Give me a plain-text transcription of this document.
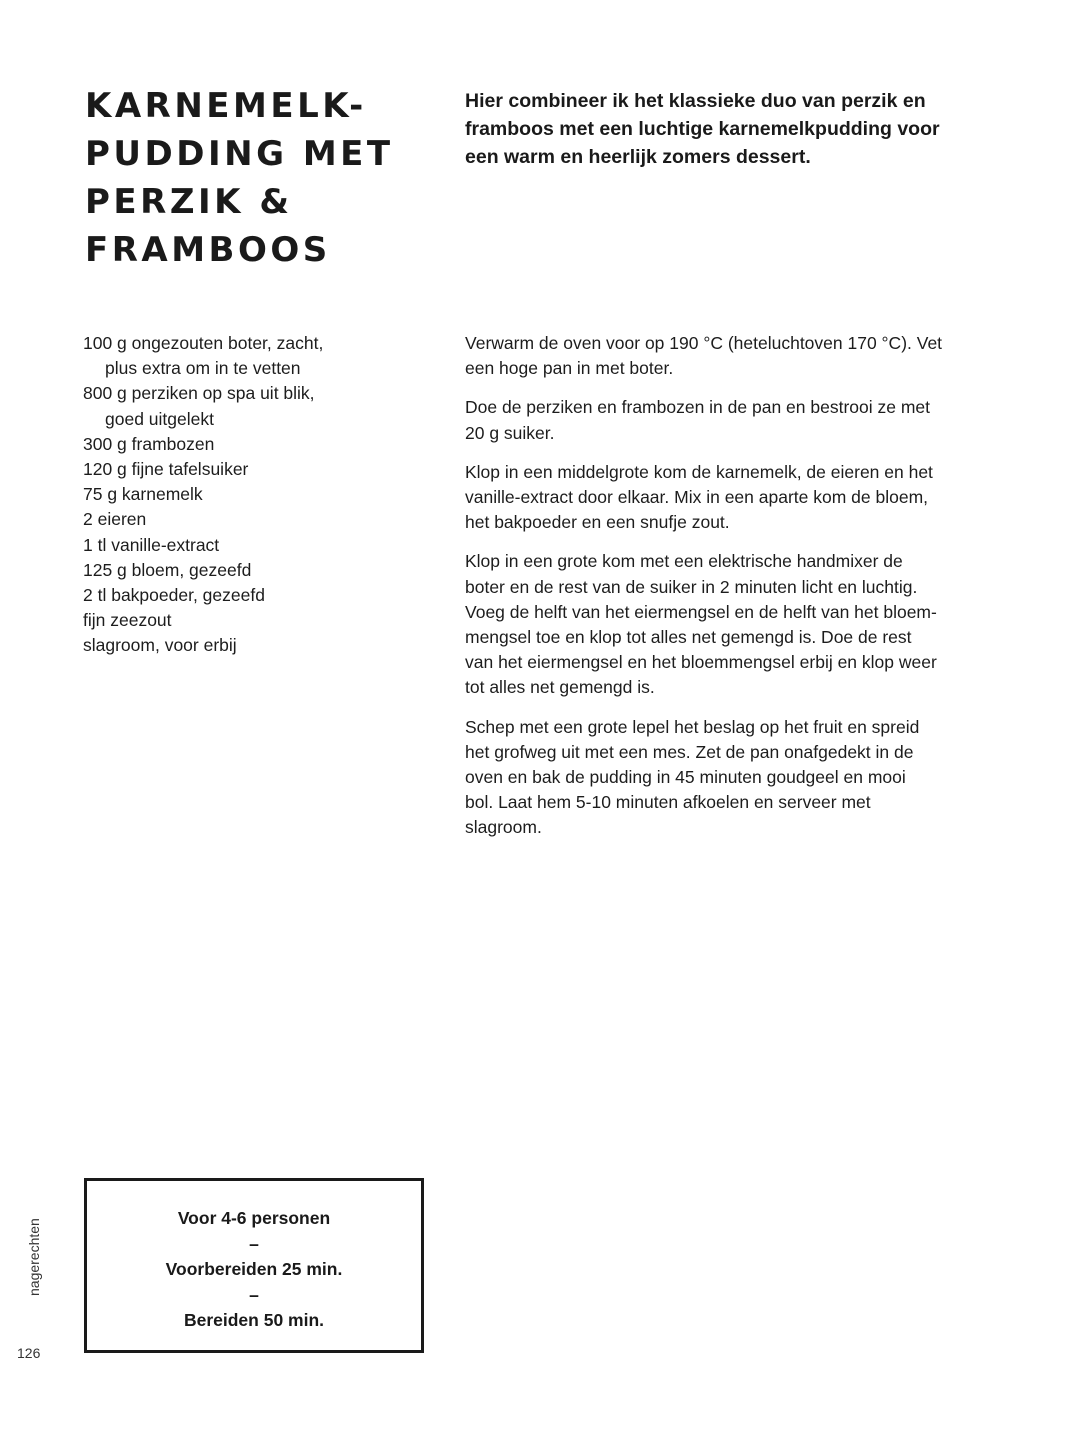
KARNEMELK-
PUDDING MET
PERZIK &
FRAMBOOS

Hier combineer ik het klassieke duo van perzik en
framboos met een luchtige karnemelkpudding voor
een warm en heerlijk zomers dessert.

100 g ongezouten boter, zacht,
plus extra om in te vetten
800 g perziken op spa uit blik,
goed uitgelekt
300 g frambozen
120 g fijne tafelsuiker
75 g karnemelk
2 eieren
1 tl vanille-extract
125 g bloem, gezeefd
2 tl bakpoeder, gezeefd
fijn zeezout
slagroom, voor erbij

Verwarm de oven voor op 190 °C (heteluchtoven 170 °C). Vet
een hoge pan in met boter.

Doe de perziken en frambozen in de pan en bestrooi ze met
20 g suiker.

Klop in een middelgrote kom de karnemelk, de eieren en het
vanille-extract door elkaar. Mix in een aparte kom de bloem,
het bakpoeder en een snufje zout.

Klop in een grote kom met een elektrische handmixer de
boter en de rest van de suiker in 2 minuten licht en luchtig.
Voeg de helft van het eiermengsel en de helft van het bloem-
mengsel toe en klop tot alles net gemengd is. Doe de rest
van het eiermengsel en het bloemmengsel erbij en klop weer
tot alles net gemengd is.

Schep met een grote lepel het beslag op het fruit en spreid
het grofweg uit met een mes. Zet de pan onafgedekt in de
oven en bak de pudding in 45 minuten goudgeel en mooi
bol. Laat hem 5-10 minuten afkoelen en serveer met
slagroom.

Voor 4-6 personen
–
Voorbereiden 25 min.
–
Bereiden 50 min.
nagerechten
126
